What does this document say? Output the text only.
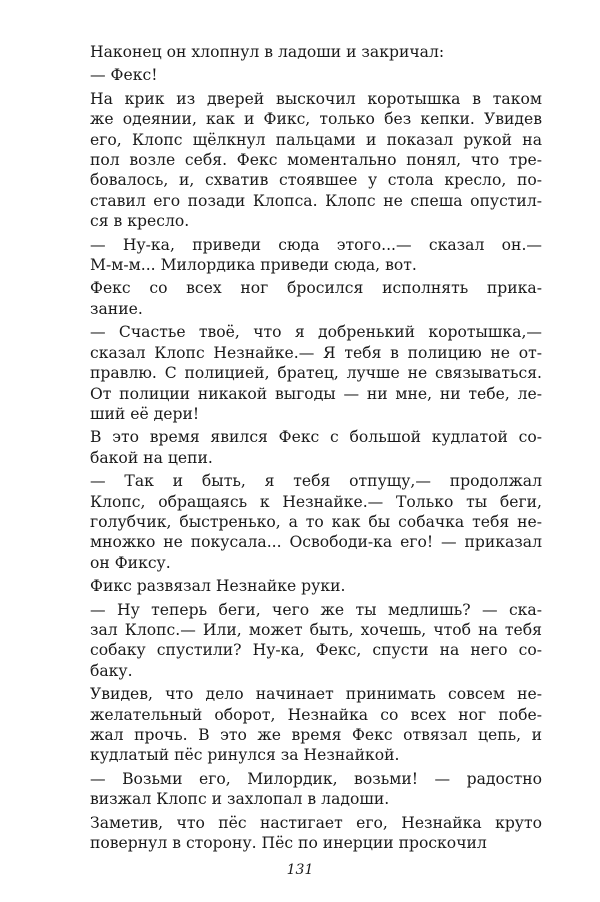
Наконец он хлопнул в ладоши и закричал:
— Фекс!
На крик из дверей выскочил коротышка в таком
же одеянии, как и Фикс, только без кепки. Увидев
его, Клопс щёлкнул пальцами и показал рукой на
пол возле себя. Фекс моментально понял, что тре-
бовалось, и, схватив стоявшее у стола кресло, по-
ставил его позади Клопса. Клопс не спеша опустил-
ся в кресло.
— Ну-ка, приведи сюда этого...— сказал он.—
М-м-м... Милордика приведи сюда, вот.
Фекс со всех ног бросился исполнять прика-
зание.
— Счастье твоё, что я добренький коротышка,—
сказал Клопс Незнайке.— Я тебя в полицию не от-
правлю. С полицией, братец, лучше не связываться.
От полиции никакой выгоды — ни мне, ни тебе, ле-
ший её дери!
В это время явился Фекс с большой кудлатой со-
бакой на цепи.
— Так и быть, я тебя отпущу,— продолжал
Клопс, обращаясь к Незнайке.— Только ты беги,
голубчик, быстренько, а то как бы собачка тебя не-
множко не покусала... Освободи-ка его! — приказал
он Фиксу.
Фикс развязал Незнайке руки.
— Ну теперь беги, чего же ты медлишь? — ска-
зал Клопс.— Или, может быть, хочешь, чтоб на тебя
собаку спустили? Ну-ка, Фекс, спусти на него со-
баку.
Увидев, что дело начинает принимать совсем не-
желательный оборот, Незнайка со всех ног побе-
жал прочь. В это же время Фекс отвязал цепь, и
кудлатый пёс ринулся за Незнайкой.
— Возьми его, Милордик, возьми! — радостно
визжал Клопс и захлопал в ладоши.
Заметив, что пёс настигает его, Незнайка круто
повернул в сторону. Пёс по инерции проскочил
131
